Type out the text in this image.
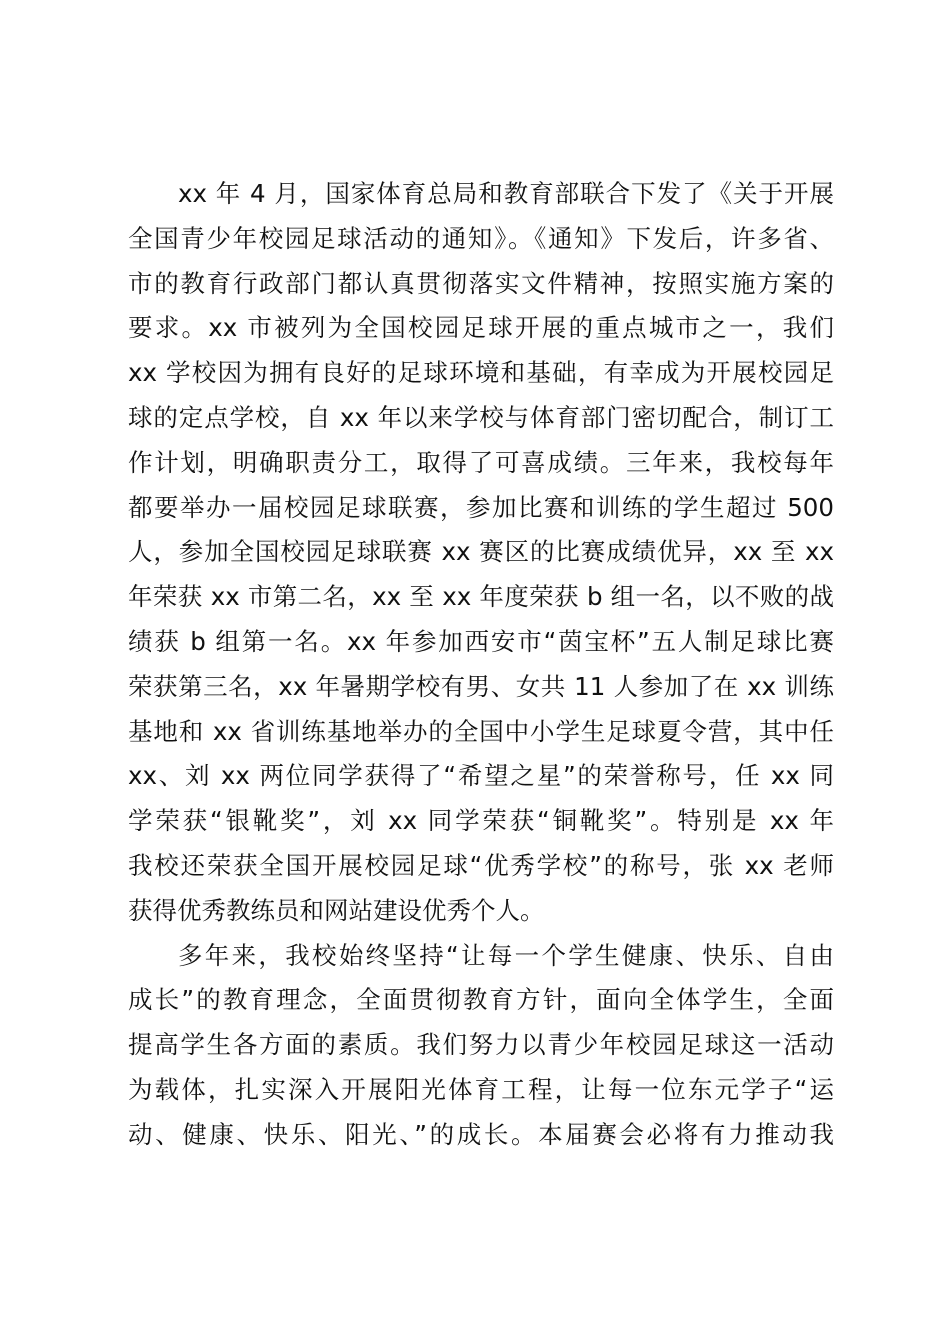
xx 年 4 月，国家体育总局和教育部联合下发了《关于开展
全国青少年校园足球活动的通知》。《通知》下发后，许多省、
市的教育行政部门都认真贯彻落实文件精神，按照实施方案的
要求。xx 市被列为全国校园足球开展的重点城市之一，我们
xx 学校因为拥有良好的足球环境和基础，有幸成为开展校园足
球的定点学校，自 xx 年以来学校与体育部门密切配合，制订工
作计划，明确职责分工，取得了可喜成绩。三年来，我校每年
都要举办一届校园足球联赛，参加比赛和训练的学生超过 500
人，参加全国校园足球联赛 xx 赛区的比赛成绩优异，xx 至 xx
年荣获 xx 市第二名，xx 至 xx 年度荣获 b 组一名，以不败的战
绩获 b 组第一名。xx 年参加西安市“茵宝杯”五人制足球比赛
荣获第三名，xx 年暑期学校有男、女共 11 人参加了在 xx 训练
基地和 xx 省训练基地举办的全国中小学生足球夏令营，其中任
xx、刘 xx 两位同学获得了“希望之星”的荣誉称号，任 xx 同
学荣获“银靴奖”，刘 xx 同学荣获“铜靴奖”。特别是 xx 年
我校还荣获全国开展校园足球“优秀学校”的称号，张 xx 老师
获得优秀教练员和网站建设优秀个人。
多年来，我校始终坚持“让每一个学生健康、快乐、自由
成长”的教育理念，全面贯彻教育方针，面向全体学生，全面
提高学生各方面的素质。我们努力以青少年校园足球这一活动
为载体，扎实深入开展阳光体育工程，让每一位东元学子“运
动、健康、快乐、阳光、”的成长。本届赛会必将有力推动我
